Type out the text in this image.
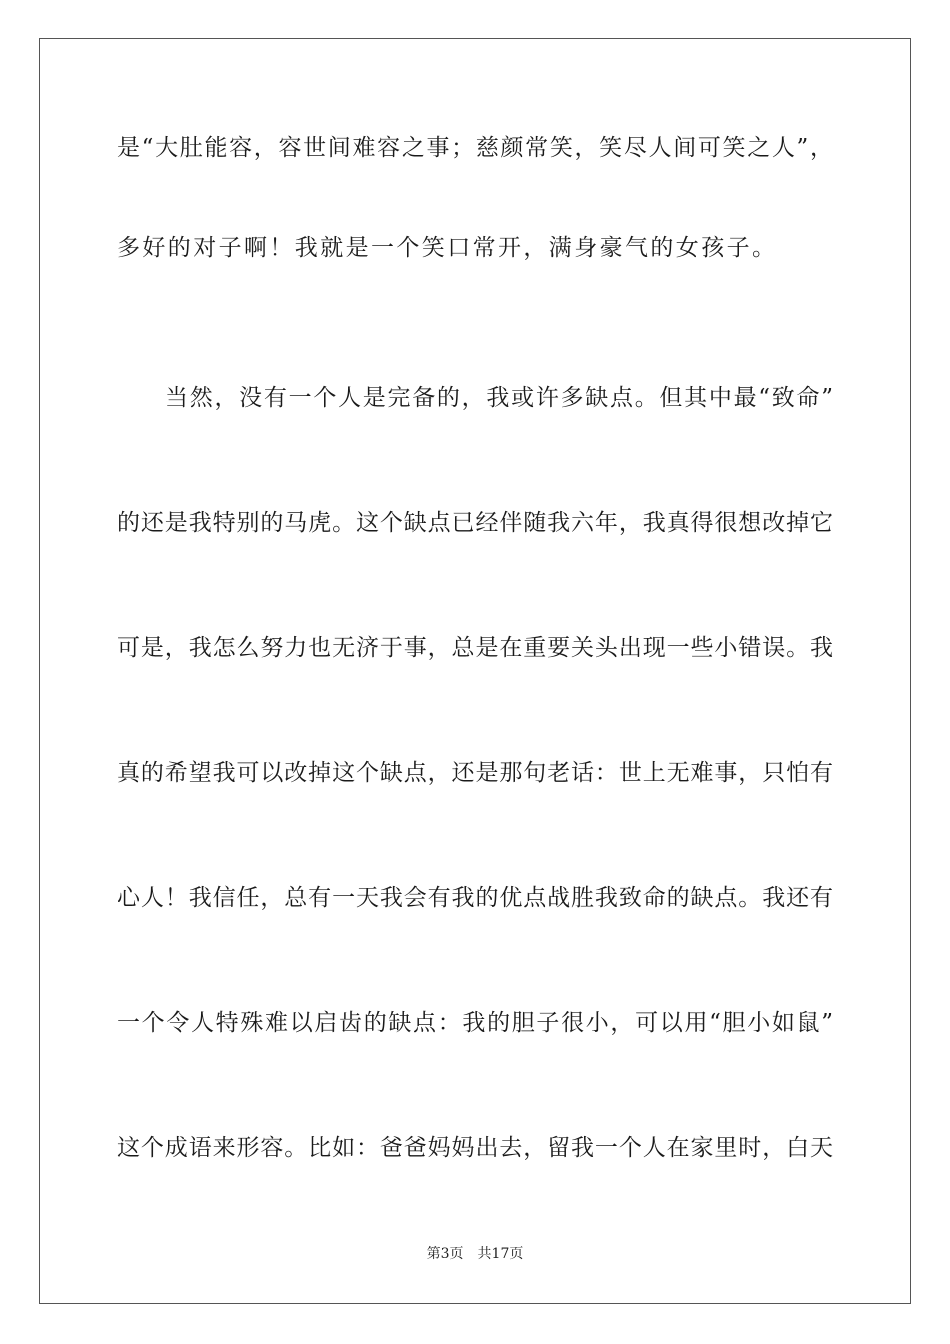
是“大肚能容，容世间难容之事；慈颜常笑，笑尽人间可笑之人”，
多好的对子啊！我就是一个笑口常开，满身豪气的女孩子。
当然，没有一个人是完备的，我或许多缺点。但其中最“致命”
的还是我特别的马虎。这个缺点已经伴随我六年，我真得很想改掉它
可是，我怎么努力也无济于事，总是在重要关头出现一些小错误。我
真的希望我可以改掉这个缺点，还是那句老话：世上无难事，只怕有
心人！我信任，总有一天我会有我的优点战胜我致命的缺点。我还有
一个令人特殊难以启齿的缺点：我的胆子很小，可以用“胆小如鼠”
这个成语来形容。比如：爸爸妈妈出去，留我一个人在家里时，白天
第3页 共17页
